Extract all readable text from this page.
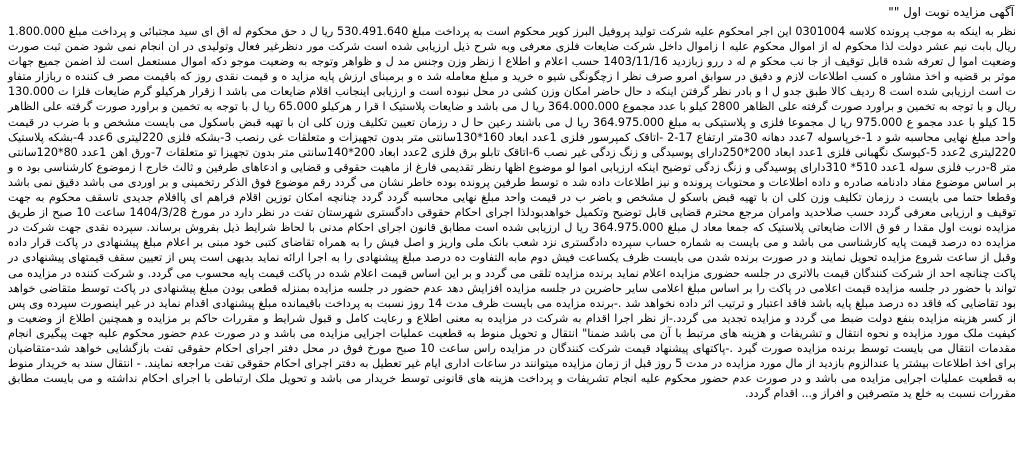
آگهی مزایده نوبت اول ""

نظر به اینکه به موجب پرونده کلاسه 0301004 این اجر امحکوم علیه شرکت تولید پروفیل البرز کویر محکوم است به پرداخت مبلغ 530.491.640 ریا ل د حق محکوم له اق ای سید مجتبائی و پرداخت مبلغ 1.800.000 ریال بابت نیم عشر دولت لذا محکوم له از اموال محکوم علیه ا زاموال داخل شرکت ضایعات فلزی معرفی وبه شرح ذیل ارزیابی شده است شرکت مور دنظرغیر فعال وتولیدی در ان انجام نمی شود ضمن ثبت صورت وضعیت اموا ل تعرفه شده قابل توقیف از جا نب محکو م له د ررو زبازدید 1403/11/16 حسب اعلام و اطلاع ا زنظر وزن وجنس مد ل و ظواهر وتوجه به وضعیت موجو دکه اموال مستعمل است لذ اضمن جمیع جهات موثر بر قضیه و اخذ مشاور ه کسب اطلاعات لازم و دقیق در سوابق امرو صرف نظر ا زچگونگی شیو ه خرید و مبلغ معامله شد ه و برمبنای ارزش پایه مزاید ه و قیمت نقدی روز که باقیمت مصر ف کننده ه ربازار متفاو ت است ارزیابی شده است 8 ردیف کالا طبق جدو ل ا و بادر نظر گرفتن اینکه د حال حاضر امکان وزن کشی در محل نبوده است و ارزیابی اینجانب اقلام ضایعات می باشد ا زقرار هرکیلو گرم ضایعات فلزا ت 130.000 ریال و با توجه به تخمین و براورد صورت گرفته علی الظاهر 2800 کیلو با عدد مجموع 364.000.000 ریا ل می باشد و ضایعات پلاستیک ا قرا ر هرکیلو 65.000 ریا ل با توجه به تخمین و براورد صورت گرفته علی الظاهر 15 کیلو با عدد مجمو ع 975.000 ریا ل مجموعا فلزی و پلاستیکی به مبلغ 364.975.000 ریا ل می باشند رعین حا ل د رزمان تعیین تکلیف وزن کلی ان با تهیه قبض باسکول می بایست مشخص و با ضرب در قیمت واحد مبلغ نهایی محاسبه شو د 1-خرپاسوله 7عدد دهانه 30متر ارتفاع 17-2 -اتاقک کمپرسور فلزی 1عدد ابعاد 160*130سانتی متر بدون تجهیزات و متعلقات غی رنصب 3-بشکه فلزی 220لیتری 6عدد 4-بشکه پلاستیک 220لیتری 2عدد 5-کیوسک نگهبانی فلزی 1عدد ابعاد 200*250دارای پوسیدگی و زنگ زدگی غیر نصب 6-اتاقک تابلو برق فلزی 2عدد ابعاد 200*140سانتی متر بدون تجهیزا تو متعلقات 7-ورق اهن 1عدد 80*120سانتی متر 8-درب فلزی سوله 1عدد 510* 310دارای پوسیدگی و زنگ زدگی توضیح اینکه ارزیابی اموا لو موضوع اظها رنظر تقدیمی فارغ از ماهیت حقوقی و قضایی و ادعاهای طرفین و ثالث خارج ا زموضوع کارشناسی بود ه و بر اساس موضوع مفاد دادنامه صادره و داده اطلاعات و محتویات پرونده و نیز اطلاعات داده شد ه توسط طرفین پرونده بوده خاطر نشان می گردد رقم موضوع فوق الذکر رتخمینی و بر اوردی می باشد دقیق نمی باشد وقطعا حتما می بایست د رزمان تکلیف وزن کلی ان با تهیه قبض باسکو ل مشخص و باضر ب در قیمت واحد مبلغ نهایی محاسبه گردد گردد چنانچه امکان توزین اقلام فراهم ای پاافلام جدیدی تاسقف محکوم به جهت توقیف و ارزیابی معرفی گردد حسب صلاحدید وامران مرجع محترم قضایی قابل توضیح وتکمیل خواهدبودلذا اجرای احکام حقوقی دادگستری شهرستان تفت در نظر دارد در مورخ 1404/3/28 ساعت 10 صبح از طریق مزایده نوبت اول مقدا ر فو ق الاات ضایعاتی پلاستیک که جمعا معاد ل مبلغ 364.975.000 ریا ل ارزیابی شده است مطابق قانون اجرای احکام مدنی با لحاظ شرایط ذیل بفروش برساند. سپرده نقدی جهت شرکت در مزایده ده درصد قیمت پایه کارشناسی می باشد و می بایست به شماره حساب سپرده دادگستری نزد شعب بانک ملی واریز و اصل فیش را به همراه تقاضای کتبی خود مبنی بر اعلام مبلغ پیشنهادی در پاکت قرار داده وقبل از ساعت شروع مزایده تحویل نمایند و در صورت برنده شدن می بایست ظرف یکساعت فیش دوم مابه التفاوت ده درصد مبلغ پیشنهادی را به اجرا ارائه نماید بدیهی است پس از تعیین سقف قیمتهای پیشنهادی در پاکت چنانچه احد از شرکت کنندگان قیمت بالاتری در جلسه حضوری مزایده اعلام نماید برنده مزایده تلقی می گردد و بر این اساس قیمت اعلام شده در پاکت قیمت پایه محسوب می گردد. و شرکت کننده در مزایده می تواند با حضور در جلسه مزایده قیمت اعلامی در پاکت را بر اساس مبلغ اعلامی سایر حاضرین در جلسه مزایده افزایش دهد عدم حضور در جلسه مزایده بمنزله قطعی بودن مبلغ پیشنهادی در پاکت توسط متقاضی خواهد بود تقاضایی که فاقد ده درصد مبلغ پایه باشد فاقد اعتبار و ترتیب اثر داده نخواهد شد .-برنده مزایده می بایست ظرف مدت 14 روز نسبت به پرداخت باقیمانده مبلغ پیشنهادی اقدام نماید در غیر اینصورت سپرده وی پس از کسر هزینه مزایده بنفع دولت ضبط می گردد و مزایده تجدید می گردد.-از نظر اجرا اقدام به شرکت در مزایده به معنی اطلاع و رعایت کامل و قبول شرایط و مقررات حاکم بر مزایده و همچنین اطلاع از وضعیت و کیفیت ملک مورد مزایده و نحوه انتقال و تشریفات و هزینه های مرتبط با آن می باشد ضمنا" انتقال و تحویل منوط به قطعیت عملیات اجرایی مزایده می باشد و در صورت عدم حضور محکوم علیه جهت پیگیری انجام مقدمات انتقال می بایست توسط برنده مزایده صورت گیرد .-پاکتهای پیشنهاد قیمت شرکت کنندگان در مزایده راس ساعت 10 صبح مورخ فوق در محل دفتر اجرای احکام حقوقی تفت بازگشایی خواهد شد-متقاضیان برای اخذ اطلاعات بیشتر یا عندالزوم بازدید از مال مورد مزایده در مدت 5 روز قبل از زمان مزایده میتوانند در ساعات اداری ایام غیر تعطیل به دفتر اجرای احکام حقوقی تفت مراجعه نمایند. - انتقال سند به خریدار منوط به قطعیت عملیات اجرایی مزایده می باشد و در صورت عدم حضور محکوم علیه انجام تشریفات و پرداخت هزینه های قانونی توسط خریدار می باشد و تحویل ملک ارتباطی با اجرای احکام نداشته و می بایست مطابق مقررات نسبت به خلع ید متصرفین و افراز و... اقدام گردد.
